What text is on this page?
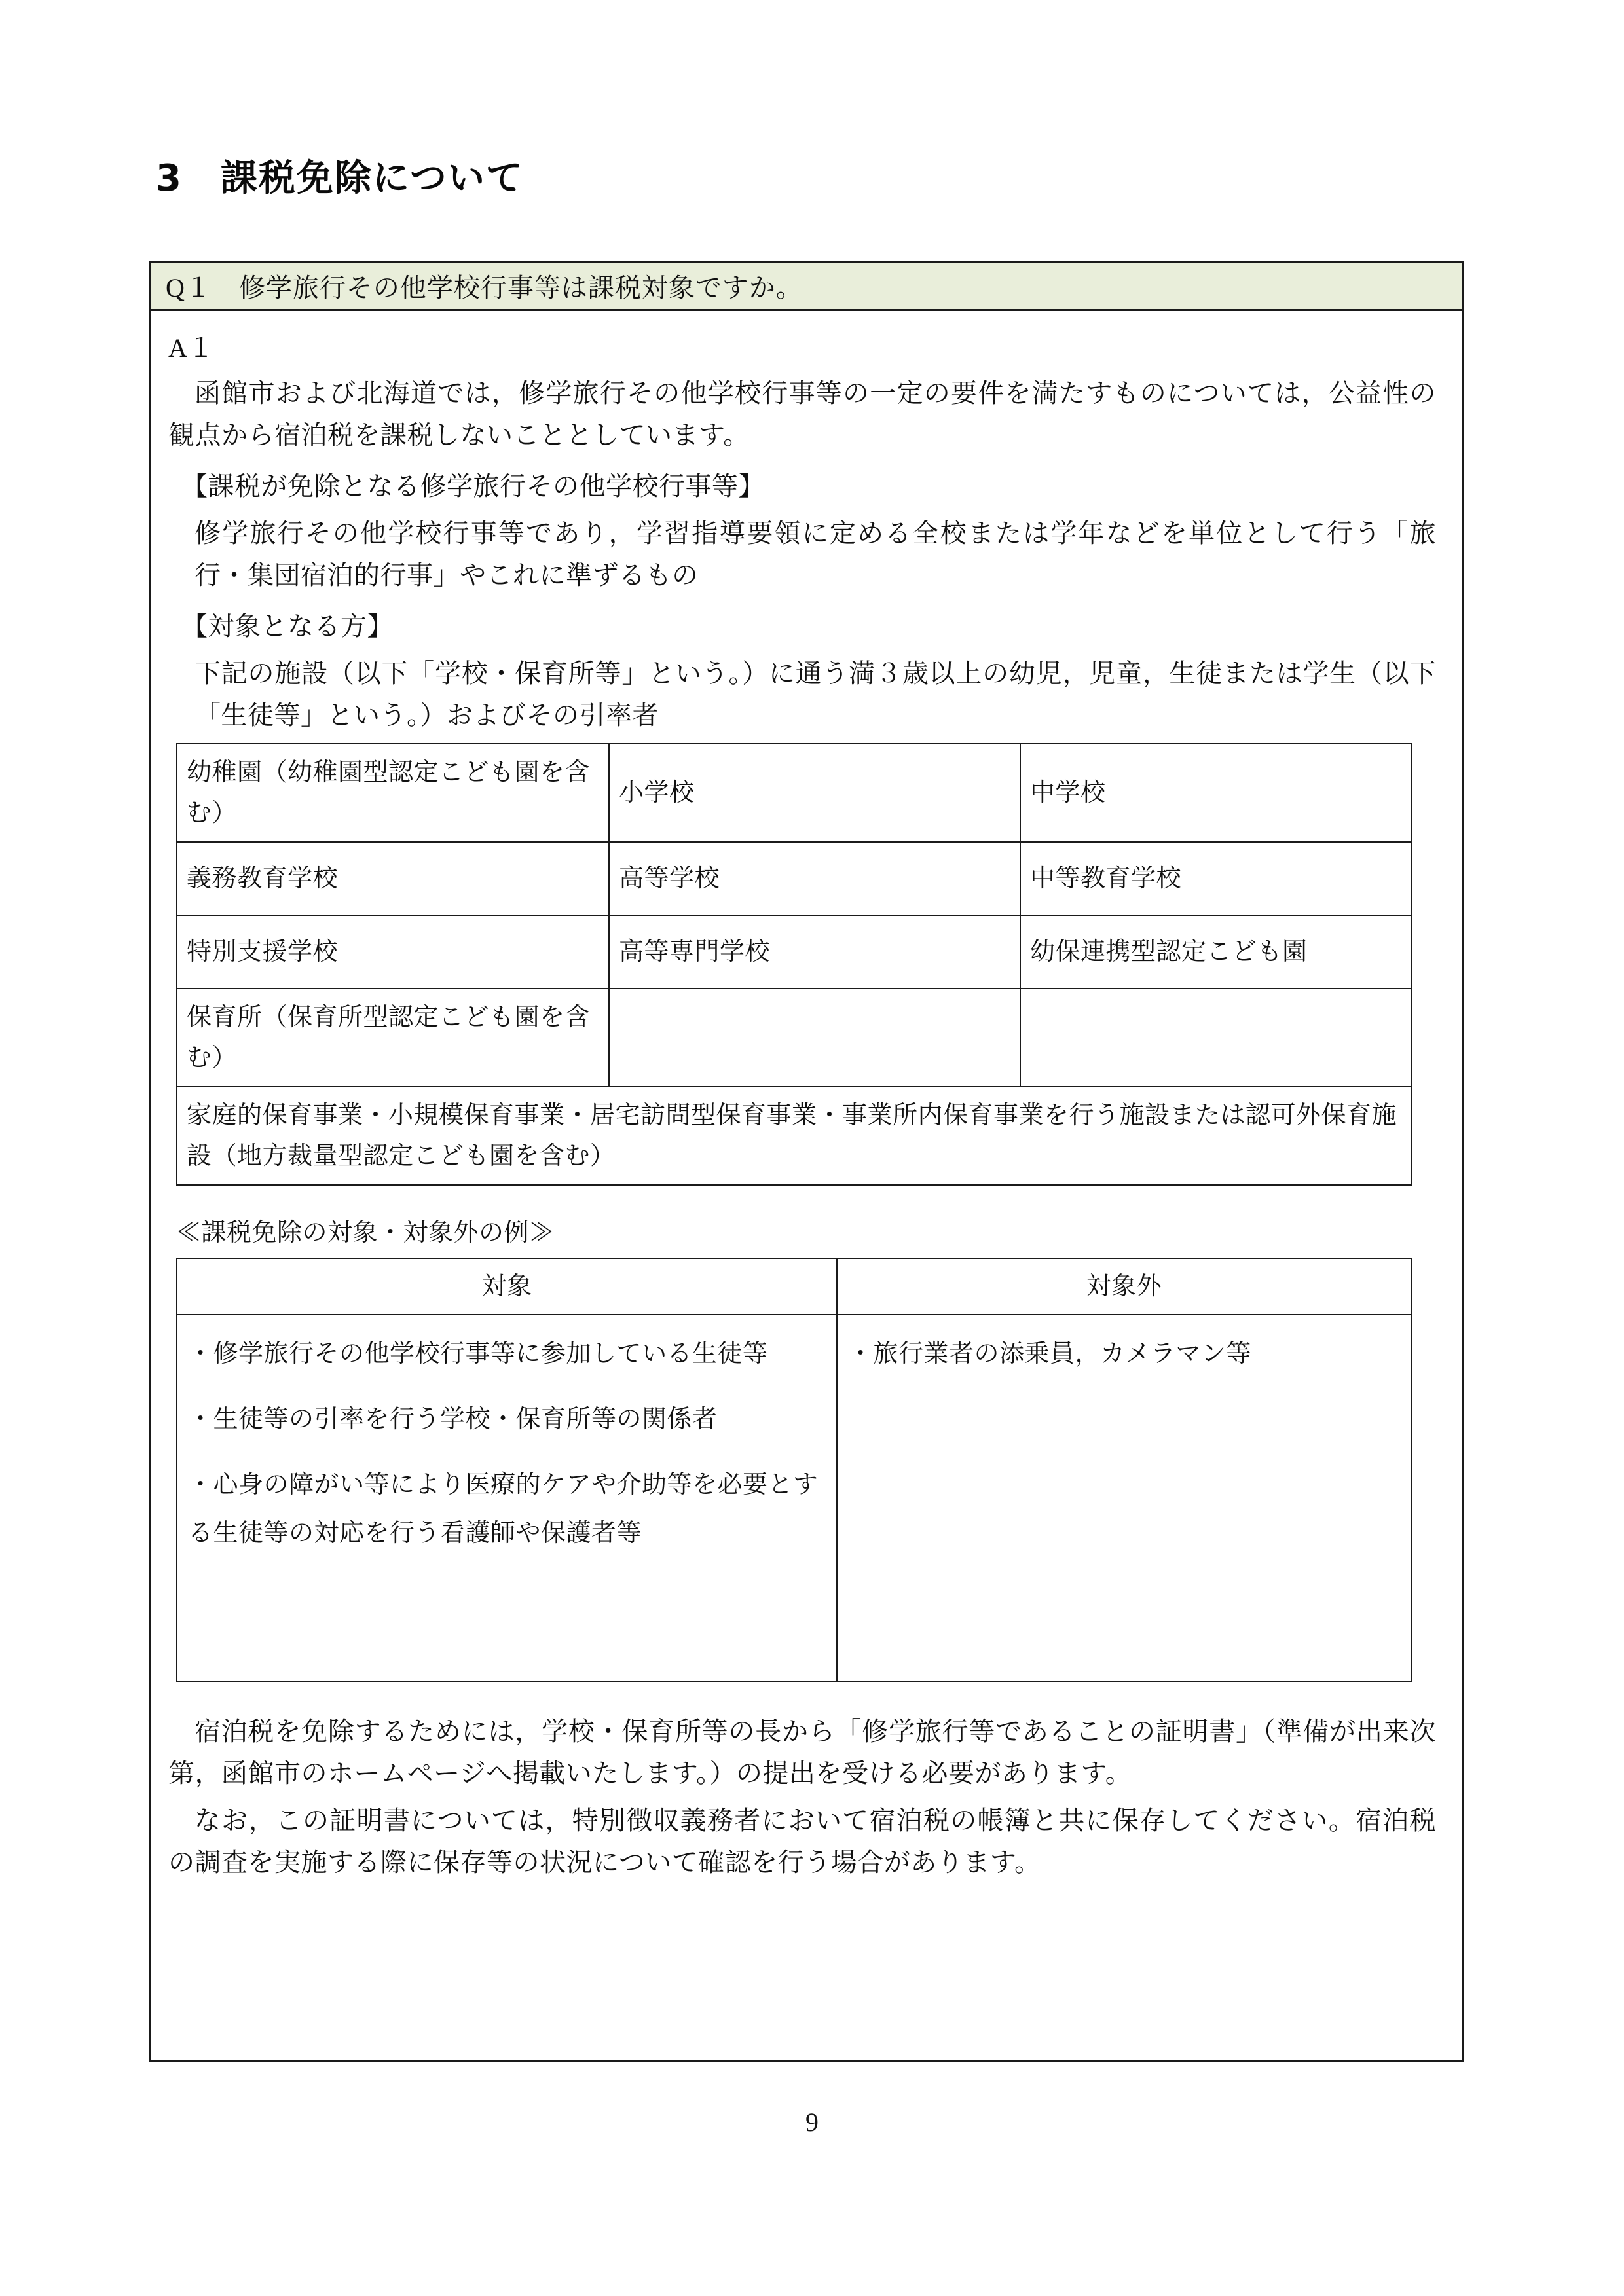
3　課税免除について
Q１　修学旅行その他学校行事等は課税対象ですか。
A１

函館市および北海道では，修学旅行その他学校行事等の一定の要件を満たすものについては，公益性の観点から宿泊税を課税しないこととしています。

【課税が免除となる修学旅行その他学校行事等】

修学旅行その他学校行事等であり，学習指導要領に定める全校または学年などを単位として行う「旅行・集団宿泊的行事」やこれに準ずるもの

【対象となる方】

下記の施設（以下「学校・保育所等」という。）に通う満３歳以上の幼児，児童，生徒または学生（以下「生徒等」という。）およびその引率者

幼稚園（幼稚園型認定こども園を含む）	小学校	中学校
義務教育学校	高等学校	中等教育学校
特別支援学校	高等専門学校	幼保連携型認定こども園
保育所（保育所型認定こども園を含む）		
家庭的保育事業・小規模保育事業・居宅訪問型保育事業・事業所内保育事業を行う施設または認可外保育施設（地方裁量型認定こども園を含む）		

≪課税免除の対象・対象外の例≫

対象	対象外

・修学旅行その他学校行事等に参加している生徒等
・生徒等の引率を行う学校・保育所等の関係者
・心身の障がい等により医療的ケアや介助等を必要とする生徒等の対応を行う看護師や保護者等	・旅行業者の添乗員，カメラマン等

宿泊税を免除するためには，学校・保育所等の長から「修学旅行等であることの証明書」（準備が出来次第，函館市のホームページへ掲載いたします。）の提出を受ける必要があります。

なお，この証明書については，特別徴収義務者において宿泊税の帳簿と共に保存してください。宿泊税の調査を実施する際に保存等の状況について確認を行う場合があります。

9
